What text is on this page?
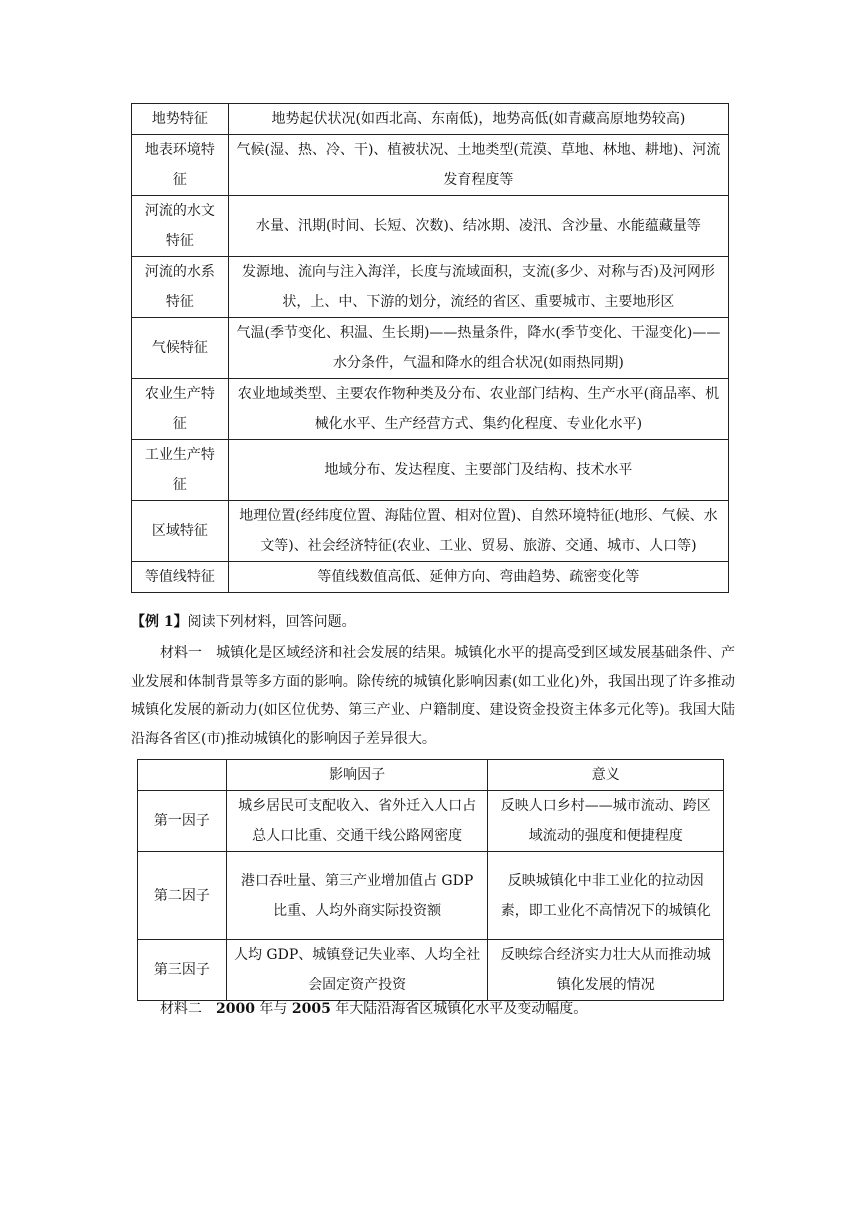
地势特征	地势起伏状况(如西北高、东南低)，地势高低(如青藏高原地势较高)
地表环境特征	气候(湿、热、冷、干)、植被状况、土地类型(荒漠、草地、林地、耕地)、河流发育程度等
河流的水文特征	水量、汛期(时间、长短、次数)、结冰期、凌汛、含沙量、水能蕴藏量等
河流的水系特征	发源地、流向与注入海洋，长度与流域面积，支流(多少、对称与否)及河网形状，上、中、下游的划分，流经的省区、重要城市、主要地形区
气候特征	气温(季节变化、积温、生长期)——热量条件，降水(季节变化、干湿变化)——水分条件，气温和降水的组合状况(如雨热同期)
农业生产特征	农业地域类型、主要农作物种类及分布、农业部门结构、生产水平(商品率、机械化水平、生产经营方式、集约化程度、专业化水平)
工业生产特征	地域分布、发达程度、主要部门及结构、技术水平
区域特征	地理位置(经纬度位置、海陆位置、相对位置)、自然环境特征(地形、气候、水文等)、社会经济特征(农业、工业、贸易、旅游、交通、城市、人口等)
等值线特征	等值线数值高低、延伸方向、弯曲趋势、疏密变化等
【例 1】阅读下列材料，回答问题。

材料一　城镇化是区域经济和社会发展的结果。城镇化水平的提高受到区域发展基础条件、产业发展和体制背景等多方面的影响。除传统的城镇化影响因素(如工业化)外，我国出现了许多推动城镇化发展的新动力(如区位优势、第三产业、户籍制度、建设资金投资主体多元化等)。我国大陆沿海各省区(市)推动城镇化的影响因子差异很大。

	影响因子	意义
第一因子	城乡居民可支配收入、省外迁入人口占总人口比重、交通干线公路网密度	反映人口乡村——城市流动、跨区域流动的强度和便捷程度
第二因子	港口吞吐量、第三产业增加值占 GDP 比重、人均外商实际投资额	反映城镇化中非工业化的拉动因素，即工业化不高情况下的城镇化
第三因子	人均 GDP、城镇登记失业率、人均全社会固定资产投资	反映综合经济实力壮大从而推动城镇化发展的情况
材料二　2000 年与 2005 年大陆沿海省区城镇化水平及变动幅度。
